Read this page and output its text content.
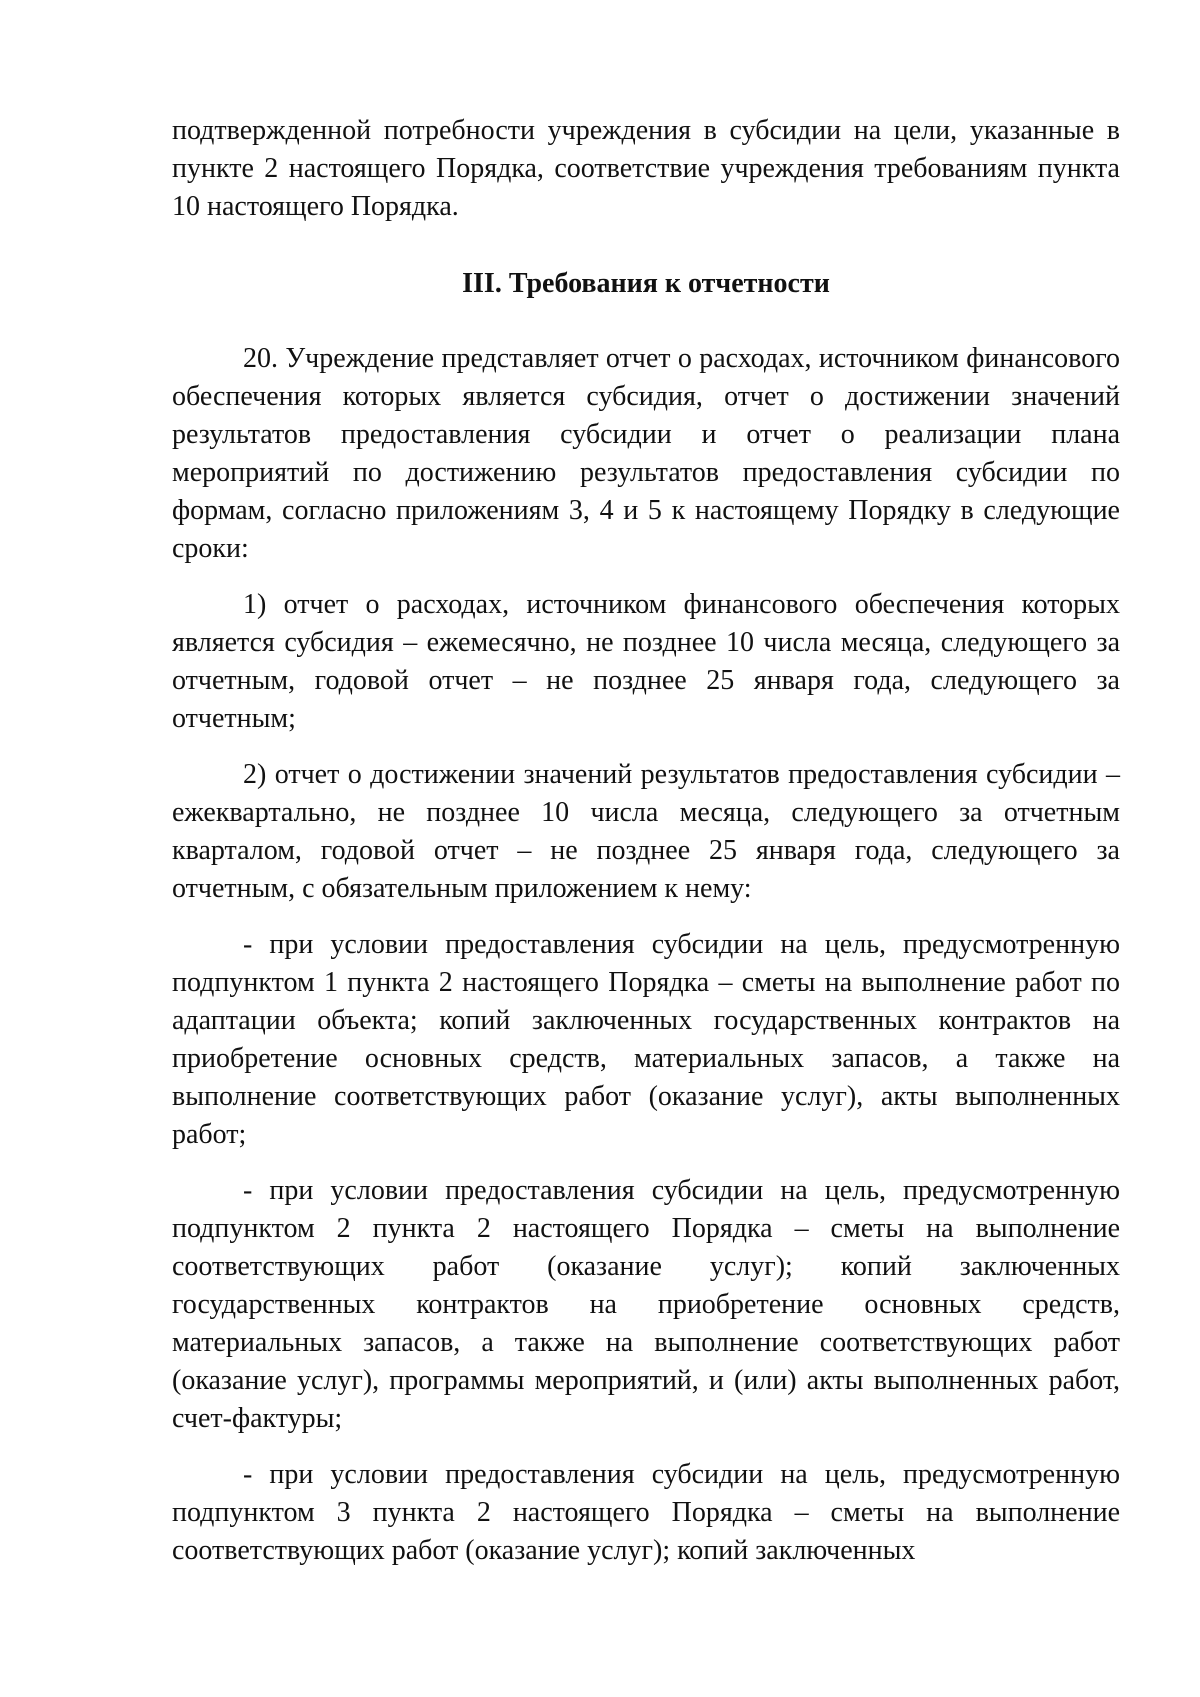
подтвержденной потребности учреждения в субсидии на цели, указанные в пункте 2 настоящего Порядка, соответствие учреждения требованиям пункта 10 настоящего Порядка.

III. Требования к отчетности

20. Учреждение представляет отчет о расходах, источником финансового обеспечения которых является субсидия, отчет о достижении значений результатов предоставления субсидии и отчет о реализации плана мероприятий по достижению результатов предоставления субсидии по формам, согласно приложениям 3, 4 и 5 к настоящему Порядку в следующие сроки:

1) отчет о расходах, источником финансового обеспечения которых является субсидия – ежемесячно, не позднее 10 числа месяца, следующего за отчетным, годовой отчет – не позднее 25 января года, следующего за отчетным;

2) отчет о достижении значений результатов предоставления субсидии – ежеквартально, не позднее 10 числа месяца, следующего за отчетным кварталом, годовой отчет – не позднее 25 января года, следующего за отчетным, с обязательным приложением к нему:

- при условии предоставления субсидии на цель, предусмотренную подпунктом 1 пункта 2 настоящего Порядка – сметы на выполнение работ по адаптации объекта; копий заключенных государственных контрактов на приобретение основных средств, материальных запасов, а также на выполнение соответствующих работ (оказание услуг), акты выполненных работ;

- при условии предоставления субсидии на цель, предусмотренную подпунктом 2 пункта 2 настоящего Порядка – сметы на выполнение соответствующих работ (оказание услуг); копий заключенных государственных контрактов на приобретение основных средств, материальных запасов, а также на выполнение соответствующих работ (оказание услуг), программы мероприятий, и (или) акты выполненных работ, счет-фактуры;

- при условии предоставления субсидии на цель, предусмотренную подпунктом 3 пункта 2 настоящего Порядка – сметы на выполнение соответствующих работ (оказание услуг); копий заключенных
